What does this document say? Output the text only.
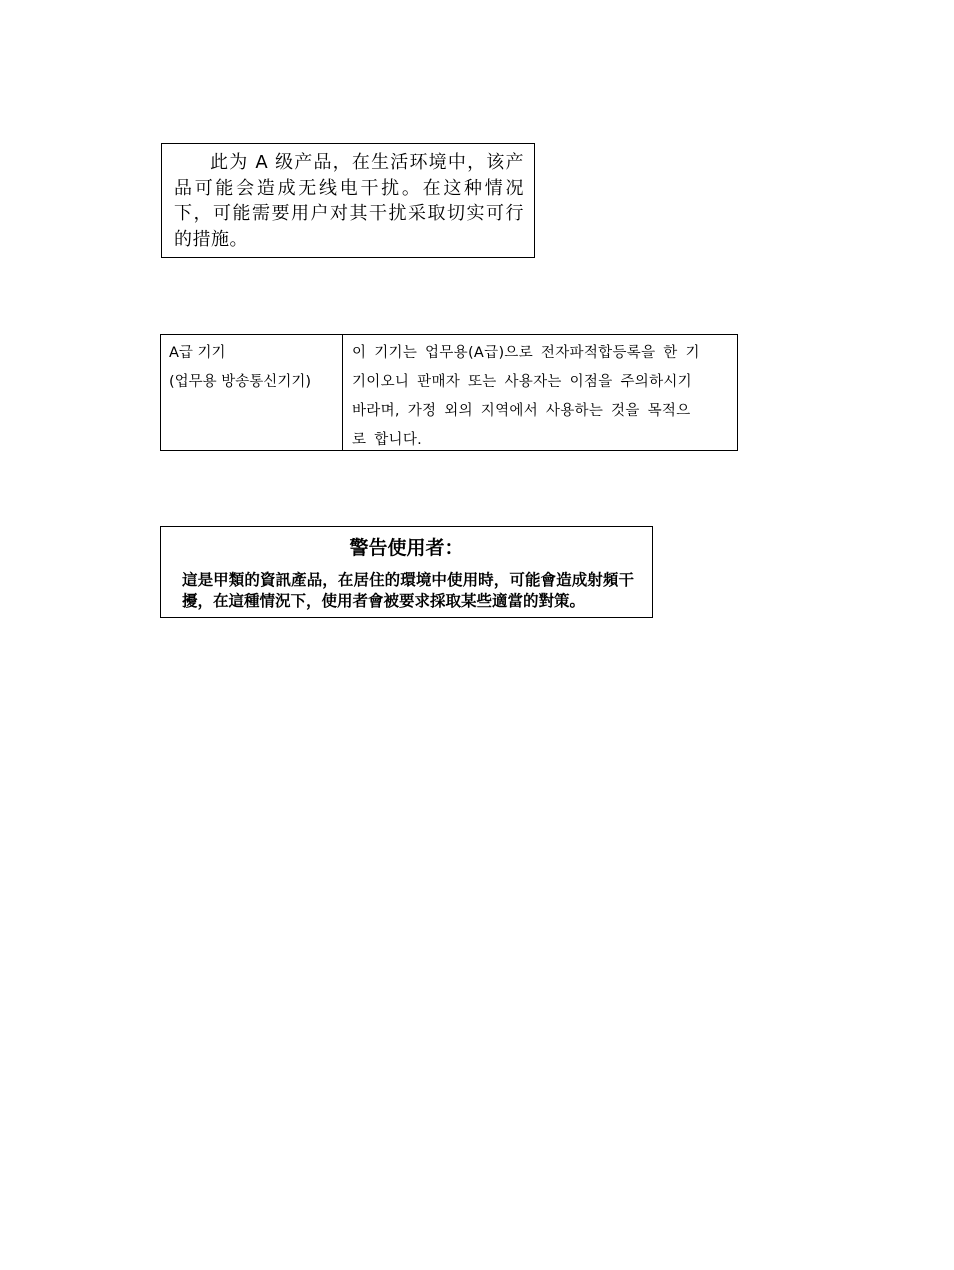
此为 A 级产品，在生活环境中，该产品可能会造成无线电干扰。在这种情况下，可能需要用户对其干扰采取切实可行的措施。
A급 기기
(업무용 방송통신기기)
이 기기는 업무용(A급)으로 전자파적합등록을 한 기
기이오니 판매자 또는 사용자는 이점을 주의하시기
바라며, 가정 외의 지역에서 사용하는 것을 목적으
로 합니다.
警告使用者：
這是甲類的資訊產品，在居住的環境中使用時，可能會造成射頻干擾，在這種情況下，使用者會被要求採取某些適當的對策。
